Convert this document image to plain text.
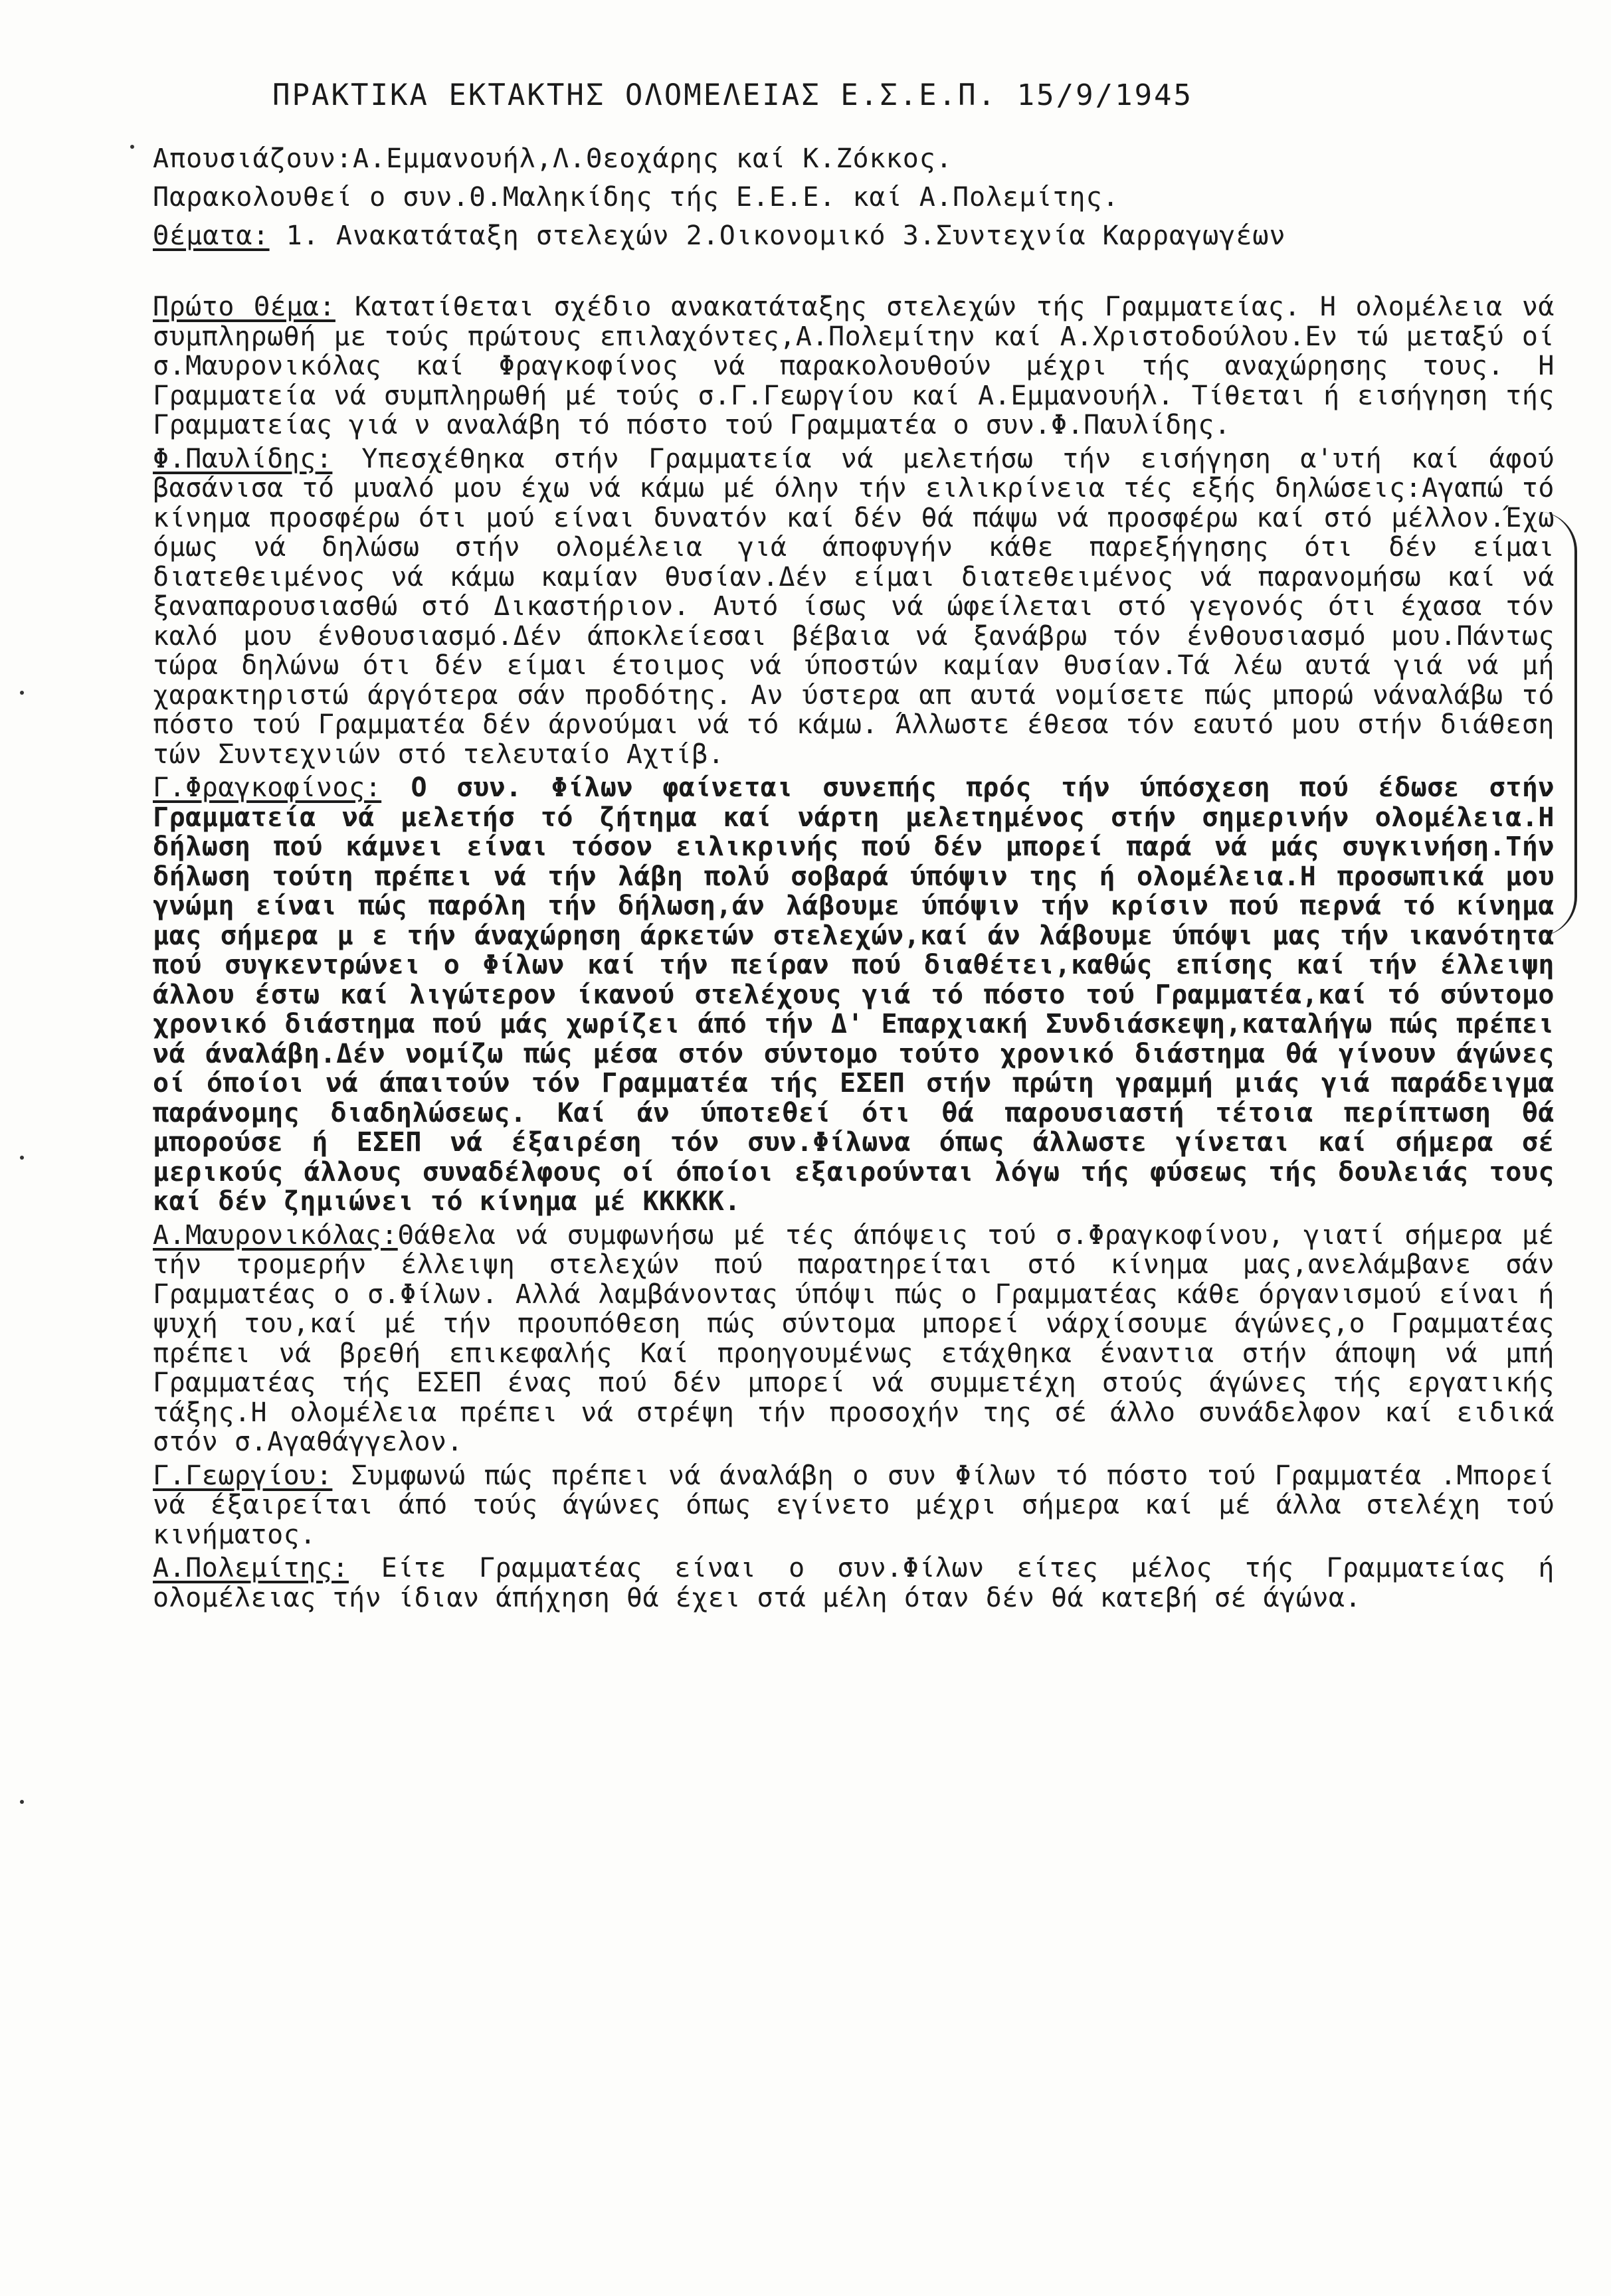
ΠΡΑΚΤΙΚΑ ΕΚΤΑΚΤΗΣ ΟΛΟΜΕΛΕΙΑΣ Ε.Σ.Ε.Π. 15/9/1945
Απουσιάζουν:Α.Εμμανουήλ,Λ.Θεοχάρης καί Κ.Ζόκκος.
Παρακολουθεί ο συν.Θ.Μαληκίδης τής Ε.Ε.Ε. καί Α.Πολεμίτης.
Θέματα: 1. Ανακατάταξη στελεχών 2.Οικονομικό 3.Συντεχνία Καρραγωγέων

Πρώτο Θέμα: Κατατίθεται σχέδιο ανακατάταξης στελεχών τής Γραμματείας. Η ολομέλεια νά συμπληρωθή με τούς πρώτους επιλαχόντες,Α.Πολεμίτην καί Α.Χριστοδούλου.Εν τώ μεταξύ οί σ.Μαυρονικόλας καί Φραγκοφίνος νά παρακολουθούν μέχρι τής αναχώρησης τους. Η Γραμματεία νά συμπληρωθή μέ τούς σ.Γ.Γεωργίου καί Α.Εμμανουήλ. Τίθεται ή εισήγηση τής Γραμματείας γιά ν αναλάβη τό πόστο τού Γραμματέα ο συν.Φ.Παυλίδης.

Φ.Παυλίδης: Υπεσχέθηκα στήν Γραμματεία νά μελετήσω τήν εισήγηση α'υτή καί άφού βασάνισα τό μυαλό μου έχω νά κάμω μέ όλην τήν ειλικρίνεια τές εξής δηλώσεις:Αγαπώ τό κίνημα προσφέρω ότι μού είναι δυνατόν καί δέν θά πάψω νά προσφέρω καί στό μέλλον.Έχω όμως νά δηλώσω στήν ολομέλεια γιά άποφυγήν κάθε παρεξήγησης ότι δέν είμαι διατεθειμένος νά κάμω καμίαν θυσίαν.Δέν είμαι διατεθειμένος νά παρανομήσω καί νά ξαναπαρουσιασθώ στό Δικαστήριον. Αυτό ίσως νά ώφείλεται στό γεγονός ότι έχασα τόν καλό μου ένθουσιασμό.Δέν άποκλείεσαι βέβαια νά ξανάβρω τόν ένθουσιασμό μου.Πάντως τώρα δηλώνω ότι δέν είμαι έτοιμος νά ύποστών καμίαν θυσίαν.Τά λέω αυτά γιά νά μή χαρακτηριστώ άργότερα σάν προδότης. Αν ύστερα απ αυτά νομίσετε πώς μπορώ νάναλάβω τό πόστο τού Γραμματέα δέν άρνούμαι νά τό κάμω. Άλλωστε έθεσα τόν εαυτό μου στήν διάθεση τών Συντεχνιών στό τελευταίο Αχτίβ.

Γ.Φραγκοφίνος: Ο συν. Φίλων φαίνεται συνεπής πρός τήν ύπόσχεση πού έδωσε στήν Γραμματεία νά μελετήσ τό ζήτημα καί νάρτη μελετημένος στήν σημερινήν ολομέλεια.Η δήλωση πού κάμνει είναι τόσον ειλικρινής πού δέν μπορεί παρά νά μάς συγκινήση.Τήν δήλωση τούτη πρέπει νά τήν λάβη πολύ σοβαρά ύπόψιν της ή ολομέλεια.Η προσωπικά μου γνώμη είναι πώς παρόλη τήν δήλωση,άν λάβουμε ύπόψιν τήν κρίσιν πού περνά τό κίνημα μας σήμερα μ ε τήν άναχώρηση άρκετών στελεχών,καί άν λάβουμε ύπόψι μας τήν ικανότητα πού συγκεντρώνει ο Φίλων καί τήν πείραν πού διαθέτει,καθώς επίσης καί τήν έλλειψη άλλου έστω καί λιγώτερον ίκανού στελέχους γιά τό πόστο τού Γραμματέα,καί τό σύντομο χρονικό διάστημα πού μάς χωρίζει άπό τήν Δ' Επαρχιακή Συνδιάσκεψη,καταλήγω πώς πρέπει νά άναλάβη.Δέν νομίζω πώς μέσα στόν σύντομο τούτο χρονικό διάστημα θά γίνουν άγώνες οί όποίοι νά άπαιτούν τόν Γραμματέα τής ΕΣΕΠ στήν πρώτη γραμμή μιάς γιά παράδειγμα παράνομης διαδηλώσεως. Καί άν ύποτεθεί ότι θά παρουσιαστή τέτοια περίπτωση θά μπορούσε ή ΕΣΕΠ νά έξαιρέση τόν συν.Φίλωνα όπως άλλωστε γίνεται καί σήμερα σέ μερικούς άλλους συναδέλφους οί όποίοι εξαιρούνται λόγω τής φύσεως τής δουλειάς τους καί δέν ζημιώνει τό κίνημα μέ ΚΚΚΚΚ.

Α.Μαυρονικόλας:Θάθελα νά συμφωνήσω μέ τές άπόψεις τού σ.Φραγκοφίνου, γιατί σήμερα μέ τήν τρομερήν έλλειψη στελεχών πού παρατηρείται στό κίνημα μας,ανελάμβανε σάν Γραμματέας ο σ.Φίλων. Αλλά λαμβάνοντας ύπόψι πώς ο Γραμματέας κάθε όργανισμού είναι ή ψυχή του,καί μέ τήν προυπόθεση πώς σύντομα μπορεί νάρχίσουμε άγώνες,ο Γραμματέας πρέπει νά βρεθή επικεφαλής Καί προηγουμένως ετάχθηκα έναντια στήν άποψη νά μπή Γραμματέας τής ΕΣΕΠ ένας πού δέν μπορεί νά συμμετέχη στούς άγώνες τής εργατικής τάξης.Η ολομέλεια πρέπει νά στρέψη τήν προσοχήν της σέ άλλο συνάδελφον καί ειδικά στόν σ.Αγαθάγγελον.

Γ.Γεωργίου: Συμφωνώ πώς πρέπει νά άναλάβη ο συν Φίλων τό πόστο τού Γραμματέα .Μπορεί νά έξαιρείται άπό τούς άγώνες όπως εγίνετο μέχρι σήμερα καί μέ άλλα στελέχη τού κινήματος.

Α.Πολεμίτης: Είτε Γραμματέας είναι ο συν.Φίλων είτες μέλος τής Γραμματείας ή ολομέλειας τήν ίδιαν άπήχηση θά έχει στά μέλη όταν δέν θά κατεβή σέ άγώνα.
